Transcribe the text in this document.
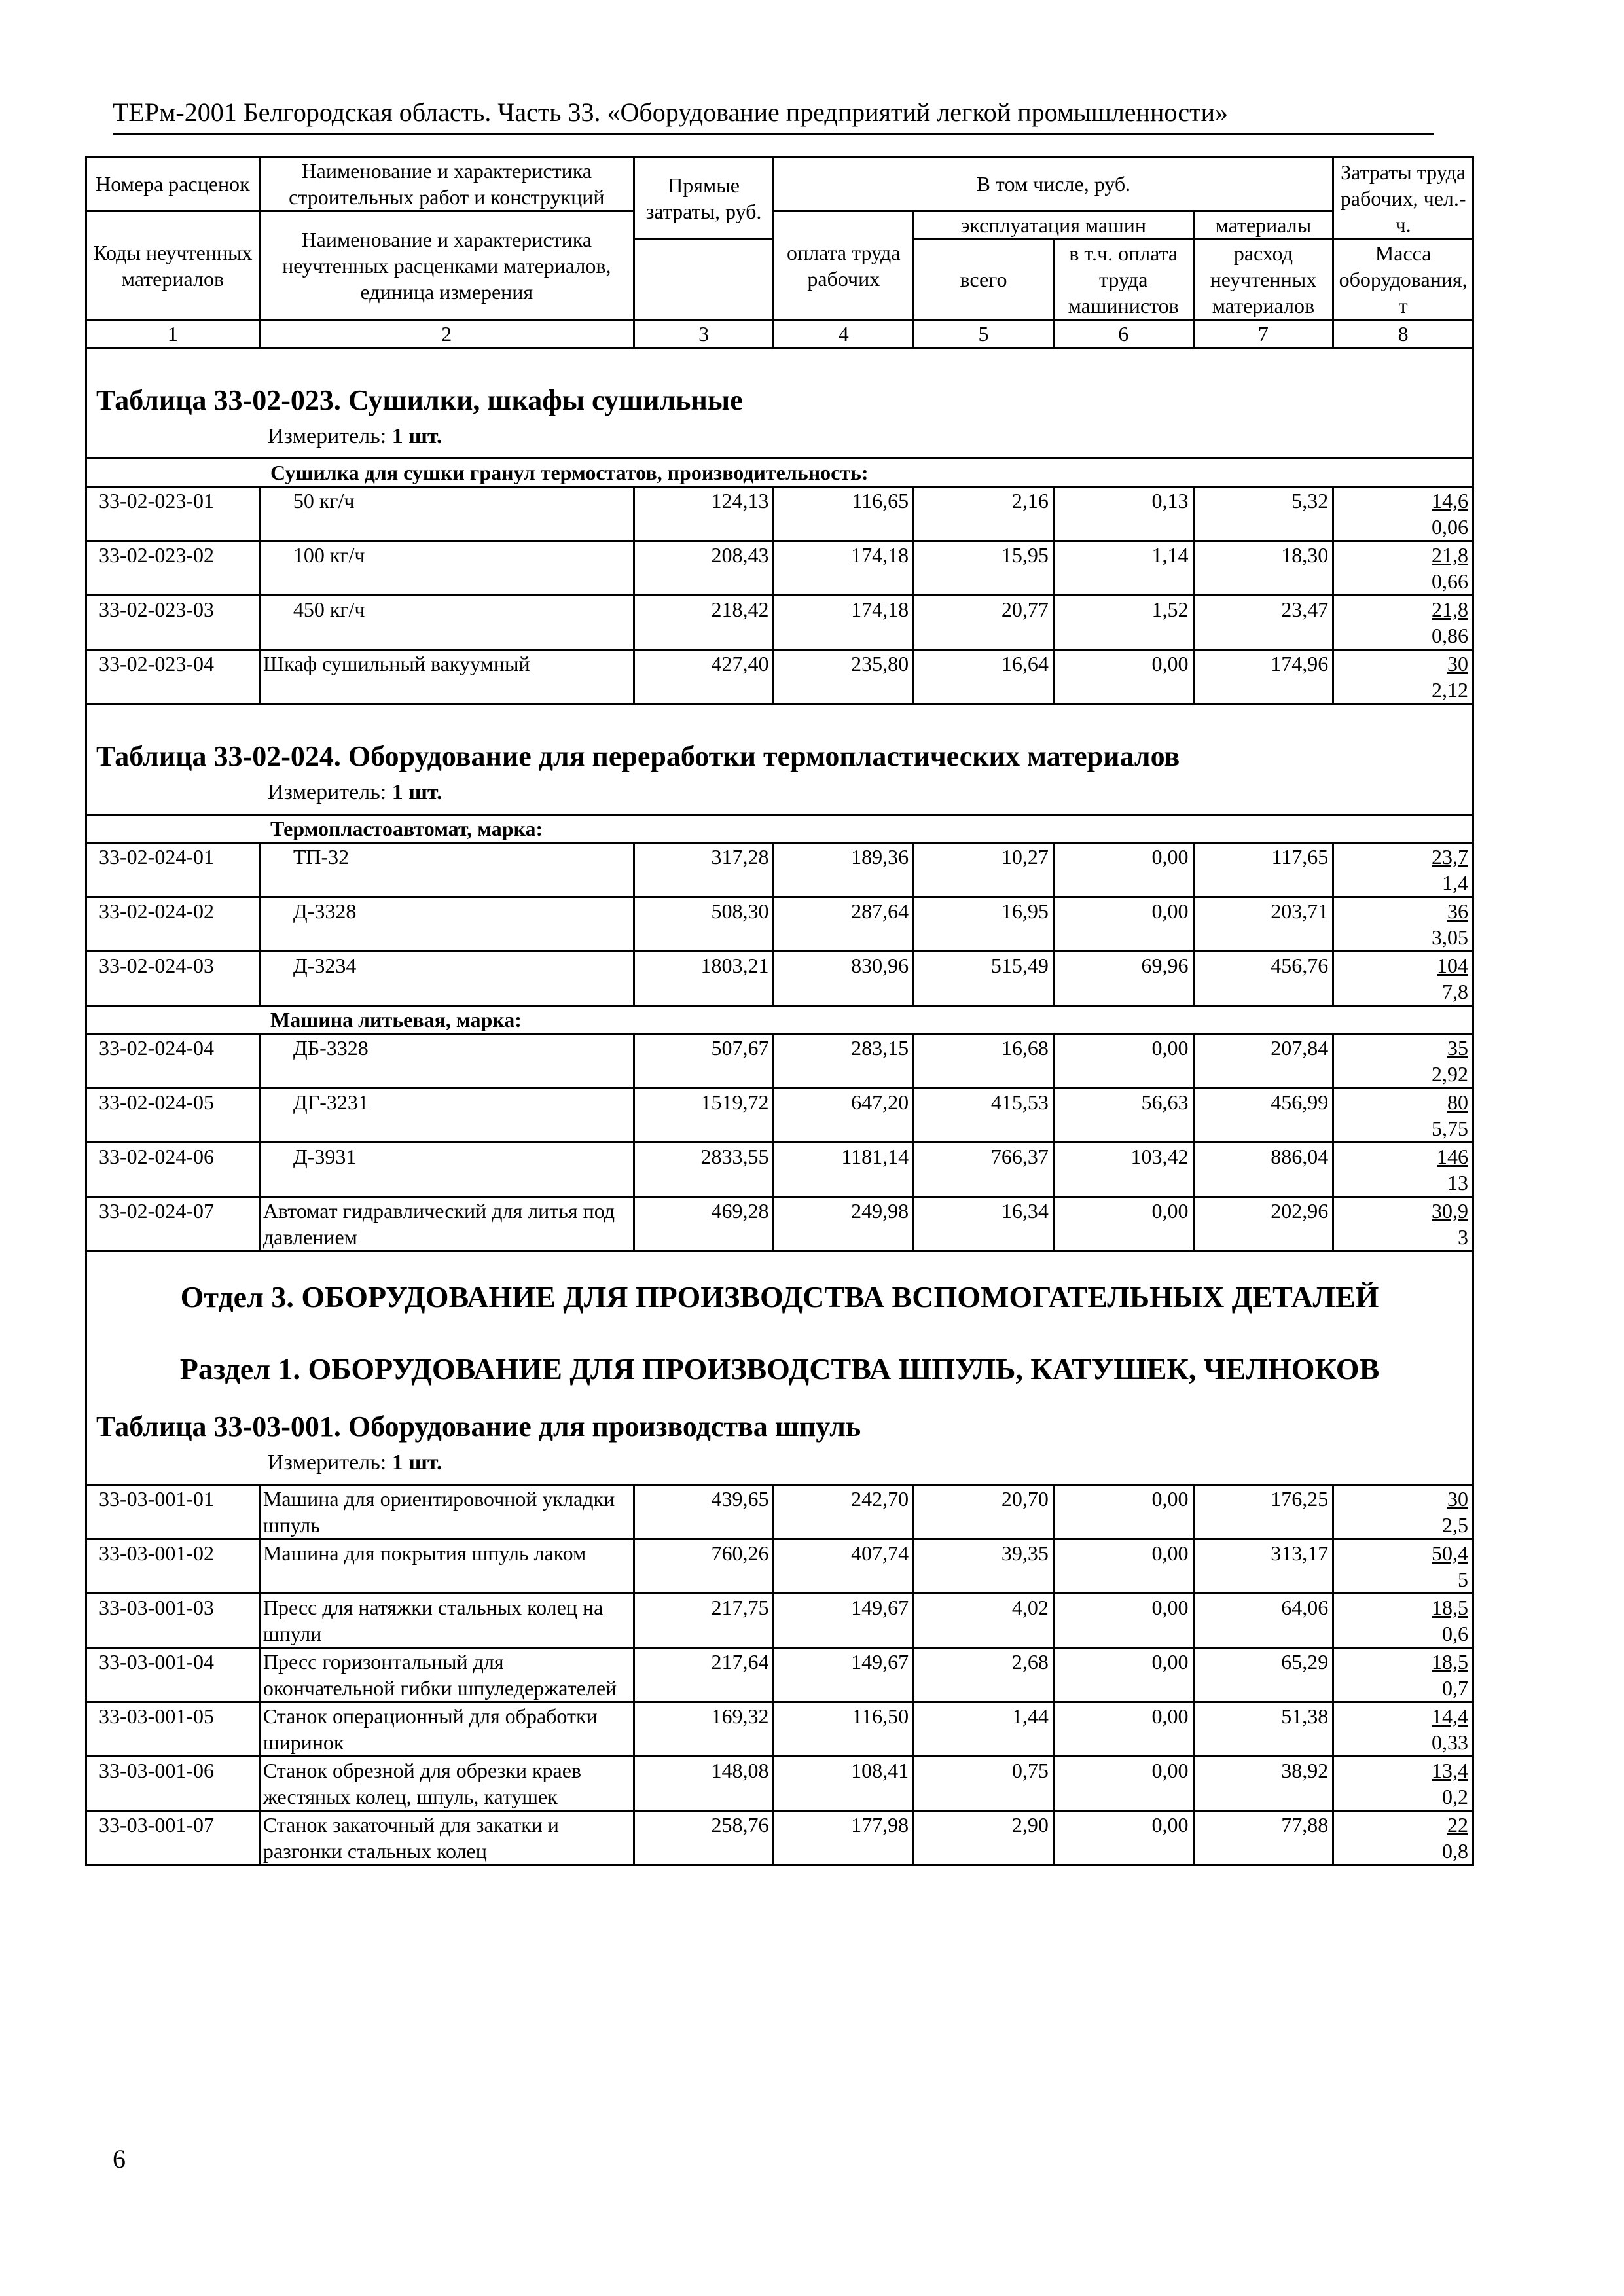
ТЕРм-2001 Белгородская область. Часть 33. «Оборудование предприятий легкой промышленности»
Номера расценок	Наименование и характеристика строительных работ и конструкций	Прямые затраты, руб.	В том числе, руб.				Затраты труда рабочих, чел.-ч.
Коды неучтенных материалов	Наименование и характеристика неучтенных расценками материалов, единица измерения		оплата труда рабочих	эксплуатация машин		материалы	
				всего	в т.ч. оплата труда машинистов	расход неучтенных материалов	Масса оборудования, т

1	2	3	4	5	6	7	8
Таблица 33-02-023. Сушилки, шкафы сушильные
Измеритель: 1 шт.							

Сушилка для сушки гранул термостатов, производительность:							
33-02-023-01	50 кг/ч	124,13	116,65	2,16	0,13	5,32	14,6
0,06

33-02-023-02	100 кг/ч	208,43	174,18	15,95	1,14	18,30	21,8
0,66

33-02-023-03	450 кг/ч	218,42	174,18	20,77	1,52	23,47	21,8
0,86

33-02-023-04	Шкаф сушильный вакуумный	427,40	235,80	16,64	0,00	174,96	30
2,12

Таблица 33-02-024. Оборудование для переработки термопластических материалов
Измеритель: 1 шт.							

Термопластоавтомат, марка:							
33-02-024-01	ТП-32	317,28	189,36	10,27	0,00	117,65	23,7
1,4

33-02-024-02	Д-3328	508,30	287,64	16,95	0,00	203,71	36
3,05

33-02-024-03	Д-3234	1803,21	830,96	515,49	69,96	456,76	104
7,8

Машина литьевая, марка:							
33-02-024-04	ДБ-3328	507,67	283,15	16,68	0,00	207,84	35
2,92

33-02-024-05	ДГ-3231	1519,72	647,20	415,53	56,63	456,99	80
5,75

33-02-024-06	Д-3931	2833,55	1181,14	766,37	103,42	886,04	146
13

33-02-024-07	Автомат гидравлический для литья под давлением	469,28	249,98	16,34	0,00	202,96	30,9
3

Отдел 3. ОБОРУДОВАНИЕ ДЛЯ ПРОИЗВОДСТВА ВСПОМОГАТЕЛЬНЫХ ДЕТАЛЕЙ							
Раздел 1. ОБОРУДОВАНИЕ ДЛЯ ПРОИЗВОДСТВА ШПУЛЬ, КАТУШЕК, ЧЕЛНОКОВ							
Таблица 33-03-001. Оборудование для производства шпуль
Измеритель: 1 шт.							

33-03-001-01	Машина для ориентировочной укладки шпуль	439,65	242,70	20,70	0,00	176,25	30
2,5

33-03-001-02	Машина для покрытия шпуль лаком	760,26	407,74	39,35	0,00	313,17	50,4
5

33-03-001-03	Пресс для натяжки стальных колец на шпули	217,75	149,67	4,02	0,00	64,06	18,5
0,6

33-03-001-04	Пресс горизонтальный для окончательной гибки шпуледержателей	217,64	149,67	2,68	0,00	65,29	18,5
0,7

33-03-001-05	Станок операционный для обработки ширинок	169,32	116,50	1,44	0,00	51,38	14,4
0,33

33-03-001-06	Станок обрезной для обрезки краев жестяных колец, шпуль, катушек	148,08	108,41	0,75	0,00	38,92	13,4
0,2

33-03-001-07	Станок закаточный для закатки и разгонки стальных колец	258,76	177,98	2,90	0,00	77,88	22
0,8
6
